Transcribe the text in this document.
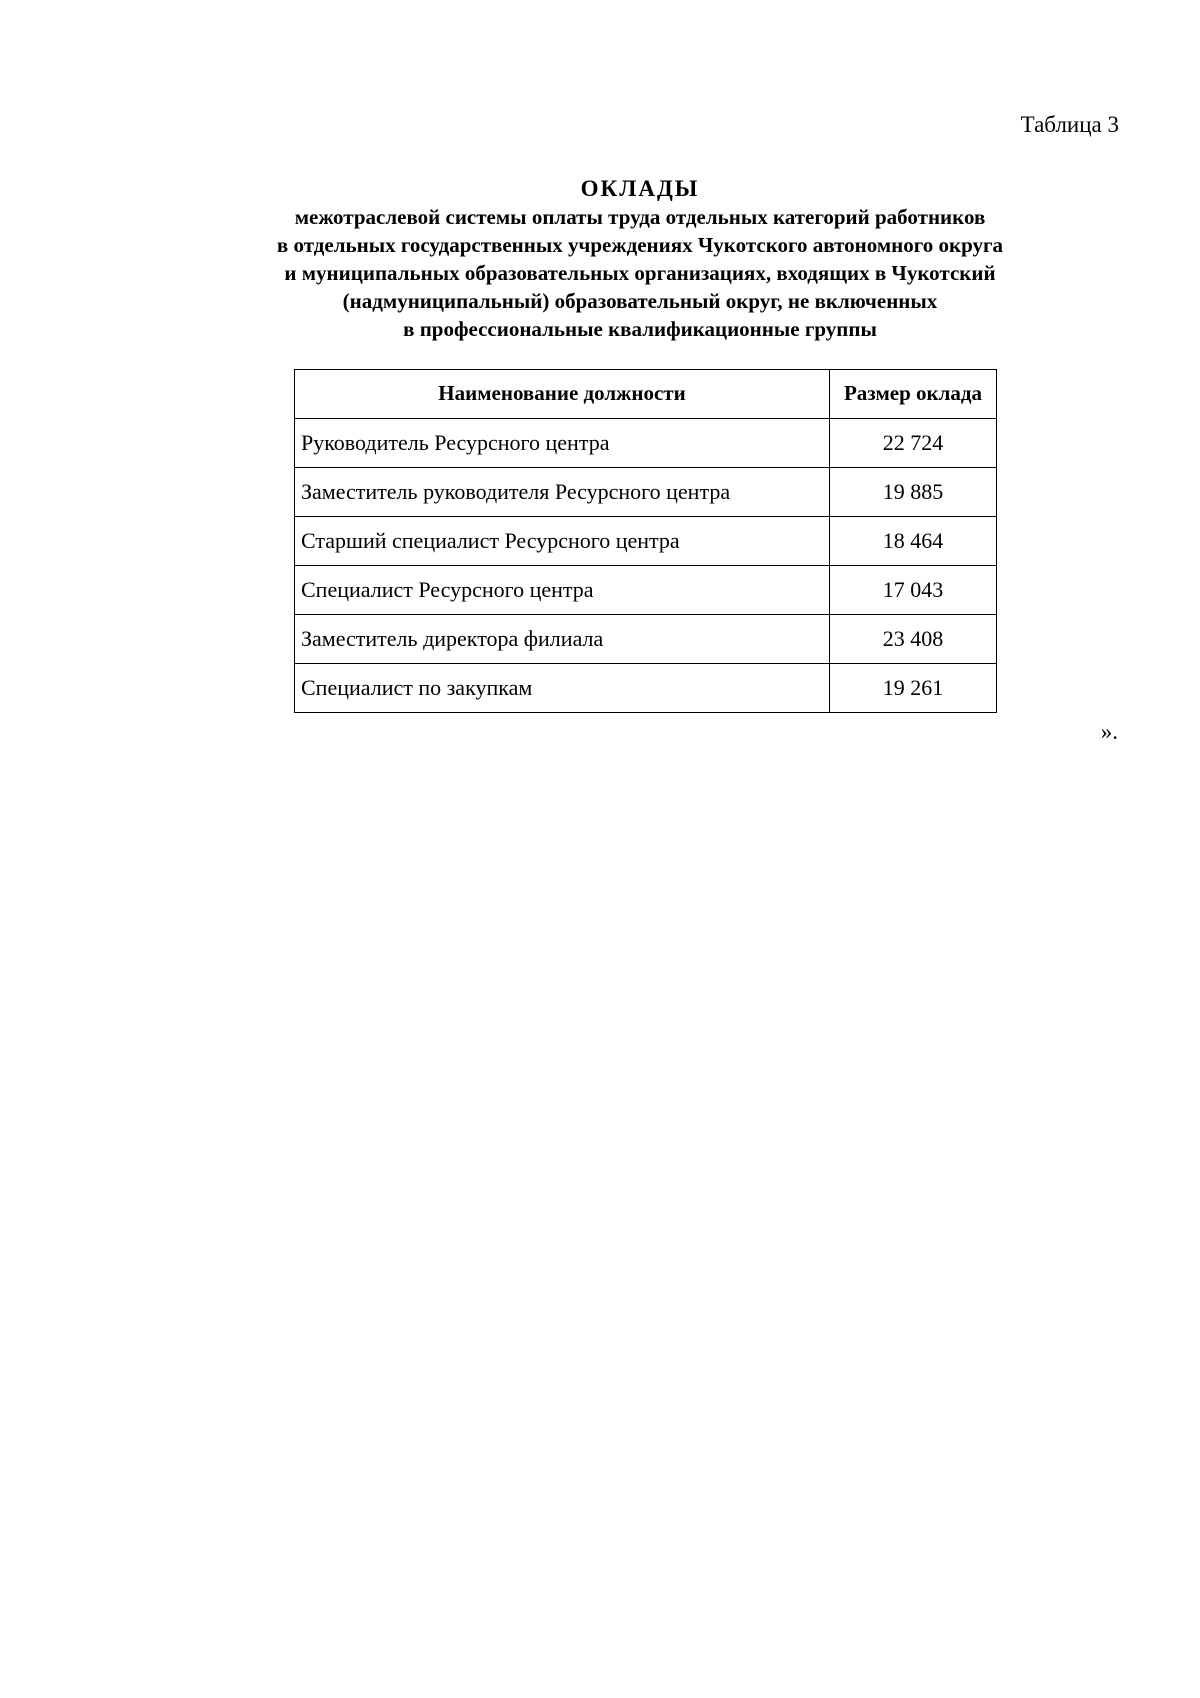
Таблица 3

ОКЛАДЫ
межотраслевой системы оплаты труда отдельных категорий работников
в отдельных государственных учреждениях Чукотского автономного округа
и муниципальных образовательных организациях, входящих в Чукотский
(надмуниципальный) образовательный округ, не включенных
в профессиональные квалификационные группы
Наименование должности	Размер оклада
Руководитель Ресурсного центра	22 724
Заместитель руководителя Ресурсного центра	19 885
Старший специалист Ресурсного центра	18 464
Специалист Ресурсного центра	17 043
Заместитель директора филиала	23 408
Специалист по закупкам	19 261

».
